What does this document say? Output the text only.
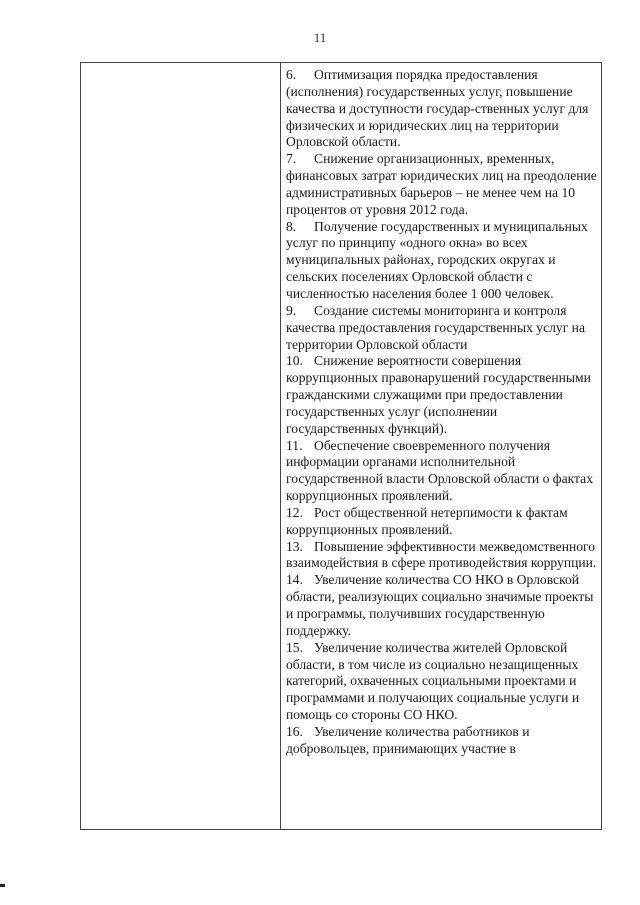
11
6. Оптимизация порядка предоставления (исполнения) государственных услуг, повышение качества и доступности государ-ственных услуг для физических и юридических лиц на территории Орловской области.
7. Снижение организационных, временных, финансовых затрат юридических лиц на преодоление административных барьеров – не менее чем на 10 процентов от уровня 2012 года.
8. Получение государственных и муниципальных услуг по принципу «одного окна» во всех муниципальных районах, городских округах и сельских поселениях Орловской области с численностью населения более 1 000 человек.
9. Создание системы мониторинга и контроля качества предоставления государственных услуг на территории Орловской области
10. Снижение вероятности совершения коррупционных правонарушений государственными гражданскими служащими при предоставлении государственных услуг (исполнении государственных функций).
11. Обеспечение своевременного получения информации органами исполнительной государственной власти Орловской области о фактах коррупционных проявлений.
12. Рост общественной нетерпимости к фактам коррупционных проявлений.
13. Повышение эффективности межведомственного взаимодействия в сфере противодействия коррупции.
14. Увеличение количества СО НКО в Орловской области, реализующих социально значимые проекты и программы, получивших государственную поддержку.
15. Увеличение количества жителей Орловской области, в том числе из социально незащищенных категорий, охваченных социальными проектами и программами и получающих социальные услуги и помощь со стороны СО НКО.
16. Увеличение количества работников и добровольцев, принимающих участие в
